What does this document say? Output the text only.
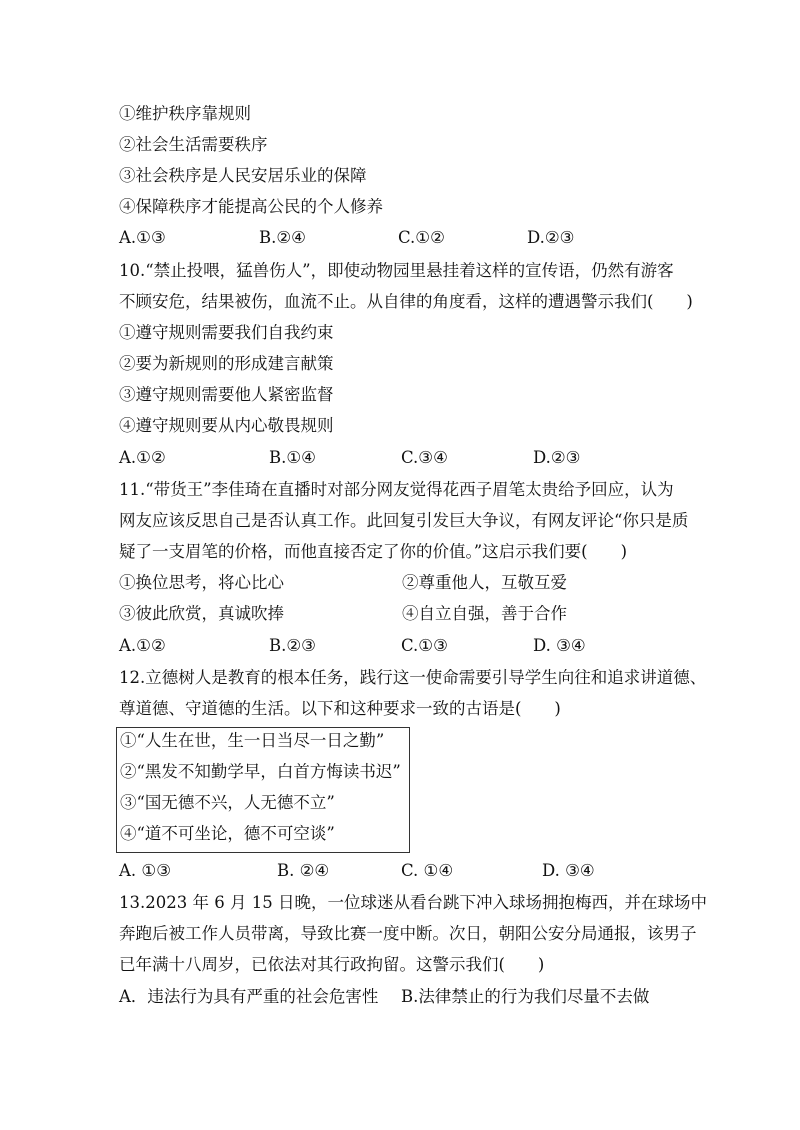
①维护秩序靠规则
②社会生活需要秩序
③社会秩序是人民安居乐业的保障
④保障秩序才能提高公民的个人修养
A.①③	B.②④	C.①②	D.②③
10.“禁止投喂，猛兽伤人”，即使动物园里悬挂着这样的宣传语，仍然有游客
不顾安危，结果被伤，血流不止。从自律的角度看，这样的遭遇警示我们(　　)
①遵守规则需要我们自我约束
②要为新规则的形成建言献策
③遵守规则需要他人紧密监督
④遵守规则要从内心敬畏规则
A.①②	B.①④	C.③④	D.②③
11.“带货王”李佳琦在直播时对部分网友觉得花西子眉笔太贵给予回应，认为
网友应该反思自己是否认真工作。此回复引发巨大争议，有网友评论“你只是质
疑了一支眉笔的价格，而他直接否定了你的价值。”这启示我们要(　　)
①换位思考，将心比心	②尊重他人，互敬互爱
③彼此欣赏，真诚吹捧	④自立自强，善于合作
A.①②	B.②③	C.①③	D. ③④
12.立德树人是教育的根本任务，践行这一使命需要引导学生向往和追求讲道德、
尊道德、守道德的生活。以下和这种要求一致的古语是(　　)
①“人生在世，生一日当尽一日之勤”
②“黑发不知勤学早，白首方悔读书迟”
③“国无德不兴，人无德不立”
④“道不可坐论，德不可空谈”
A. ①③	B. ②④	C. ①④	D. ③④
13.2023 年 6 月 15 日晚，一位球迷从看台跳下冲入球场拥抱梅西，并在球场中
奔跑后被工作人员带离，导致比赛一度中断。次日，朝阳公安分局通报，该男子
已年满十八周岁，已依法对其行政拘留。这警示我们(　　)
A．违法行为具有严重的社会危害性 B.法律禁止的行为我们尽量不去做
